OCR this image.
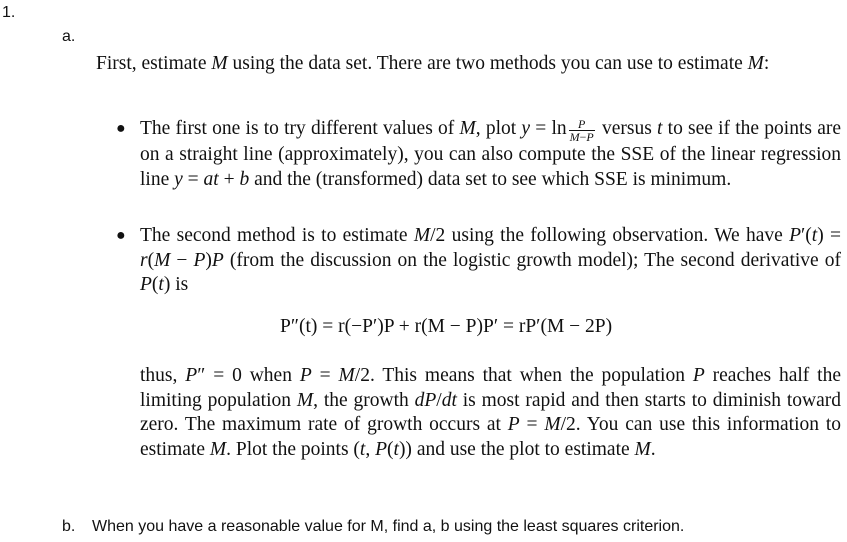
1.
a.
First, estimate M using the data set. There are two methods you can use to estimate M:
● The first one is to try different values of M, plot $y = \ln \frac{P}{M-P}$ versus t to see if the points are on a straight line (approximately), you can also compute the SSE of the linear regression line y = at + b and the (transformed) data set to see which SSE is minimum.
● The second method is to estimate M/2 using the following observation. We have P′(t) = r(M − P)P (from the discussion on the logistic growth model); The second derivative of P(t) is
P″(t) = r(−P′)P + r(M − P)P′ = rP′(M − 2P)
thus, P″ = 0 when P = M/2. This means that when the population P reaches half the limiting population M, the growth dP/dt is most rapid and then starts to diminish toward zero. The maximum rate of growth occurs at P = M/2. You can use this information to estimate M. Plot the points (t, P(t)) and use the plot to estimate M.
b. When you have a reasonable value for M, find a, b using the least squares criterion.
